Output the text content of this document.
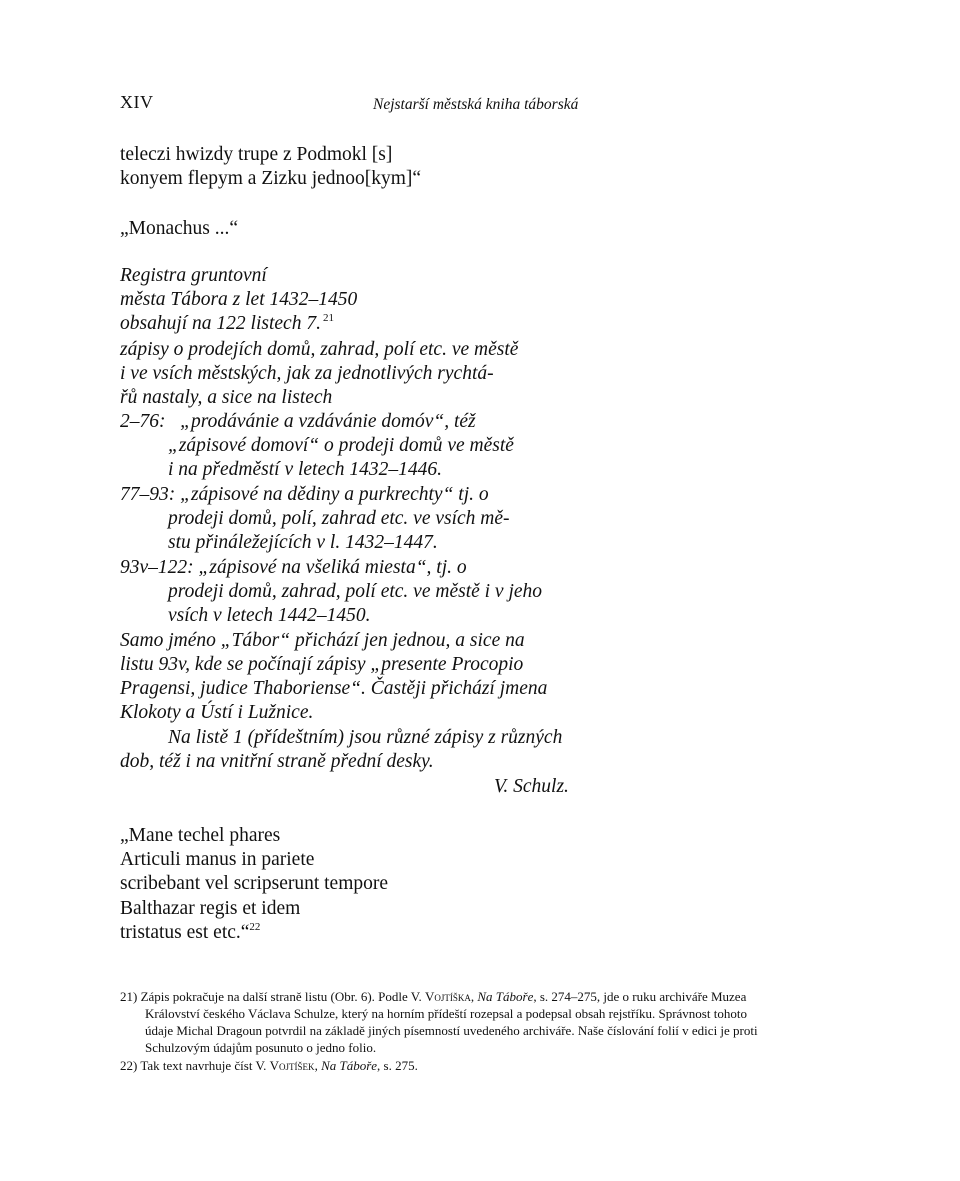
XIV	Nejstarší městská kniha táborská
teleczi hwizdy trupe z Podmokl [s]
konyem flepym a Zizku jednoo[kym]“
„Monachus ...“
Registra gruntovní
města Tábora z let 1432–1450
obsahují na 122 listech 7. $^{21}$
zápisy o prodejích domů, zahrad, polí etc. ve městě
i ve vsích městských, jak za jednotlivých rychtá-
řů nastaly, a sice na listech
2–76:   „prodávánie a vzdávánie domóv“, též
„zápisové domoví“ o prodeji domů ve městě
i na předměstí v letech 1432–1446.
77–93: „zápisové na dědiny a purkrechty“ tj. o
prodeji domů, polí, zahrad etc. ve vsích mě-
stu přináležejících v l. 1432–1447.
93v–122: „zápisové na všeliká miesta“, tj. o
prodeji domů, zahrad, polí etc. ve městě i v jeho
vsích v letech 1442–1450.
Samo jméno „Tábor“ přichází jen jednou, a sice na
listu 93v, kde se počínají zápisy „presente Procopio
Pragensi, judice Thaboriense“. Častěji přichází jmena
Klokoty a Ústí i Lužnice.
Na listě 1 (přídeštním) jsou různé zápisy z různých
dob, též i na vnitřní straně přední desky.
V. Schulz.
„Mane techel phares
Articuli manus in pariete
scribebant vel scripserunt tempore
Balthazar regis et idem
tristatus est etc.“$^{22}$
21) Zápis pokračuje na další straně listu (Obr. 6). Podle V. Vojtíška, Na Táboře, s. 274–275, jde o ruku archiváře Muzea
Království českého Václava Schulze, který na horním přídeští rozepsal a podepsal obsah rejstříku. Správnost tohoto
údaje Michal Dragoun potvrdil na základě jiných písemností uvedeného archiváře. Naše číslování folií v edici je proti
Schulzovým údajům posunuto o jedno folio.
22) Tak text navrhuje číst V. Vojtíšek, Na Táboře, s. 275.
